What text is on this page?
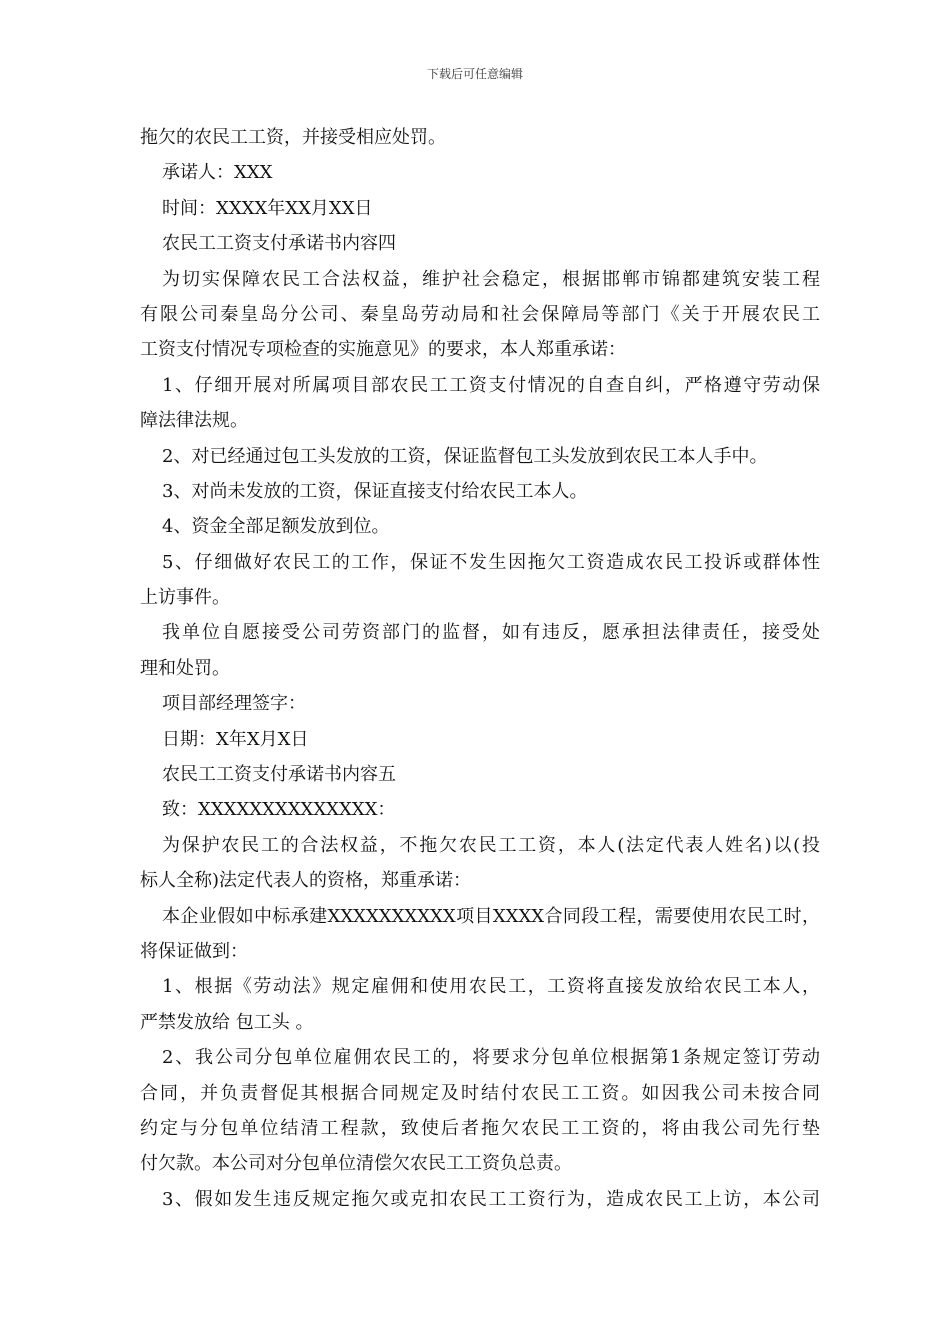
下载后可任意编辑
拖欠的农民工工资，并接受相应处罚。
承诺人：XXX
时间：XXXX年XX月XX日
农民工工资支付承诺书内容四
为切实保障农民工合法权益，维护社会稳定，根据邯郸市锦都建筑安装工程
有限公司秦皇岛分公司、秦皇岛劳动局和社会保障局等部门《关于开展农民工
工资支付情况专项检查的实施意见》的要求，本人郑重承诺：
1、仔细开展对所属项目部农民工工资支付情况的自查自纠，严格遵守劳动保
障法律法规。
2、对已经通过包工头发放的工资，保证监督包工头发放到农民工本人手中。
3、对尚未发放的工资，保证直接支付给农民工本人。
4、资金全部足额发放到位。
5、仔细做好农民工的工作，保证不发生因拖欠工资造成农民工投诉或群体性
上访事件。
我单位自愿接受公司劳资部门的监督，如有违反，愿承担法律责任，接受处
理和处罚。
项目部经理签字：
日期：X年X月X日
农民工工资支付承诺书内容五
致：XXXXXXXXXXXXXX：
为保护农民工的合法权益，不拖欠农民工工资，本人(法定代表人姓名)以(投
标人全称)法定代表人的资格，郑重承诺：
本企业假如中标承建XXXXXXXXXX项目XXXX合同段工程，需要使用农民工时，
将保证做到：
1、根据《劳动法》规定雇佣和使用农民工，工资将直接发放给农民工本人，
严禁发放给 包工头 。
2、我公司分包单位雇佣农民工的，将要求分包单位根据第1条规定签订劳动
合同，并负责督促其根据合同规定及时结付农民工工资。如因我公司未按合同
约定与分包单位结清工程款，致使后者拖欠农民工工资的，将由我公司先行垫
付欠款。本公司对分包单位清偿欠农民工工资负总责。
3、假如发生违反规定拖欠或克扣农民工工资行为，造成农民工上访，本公司
